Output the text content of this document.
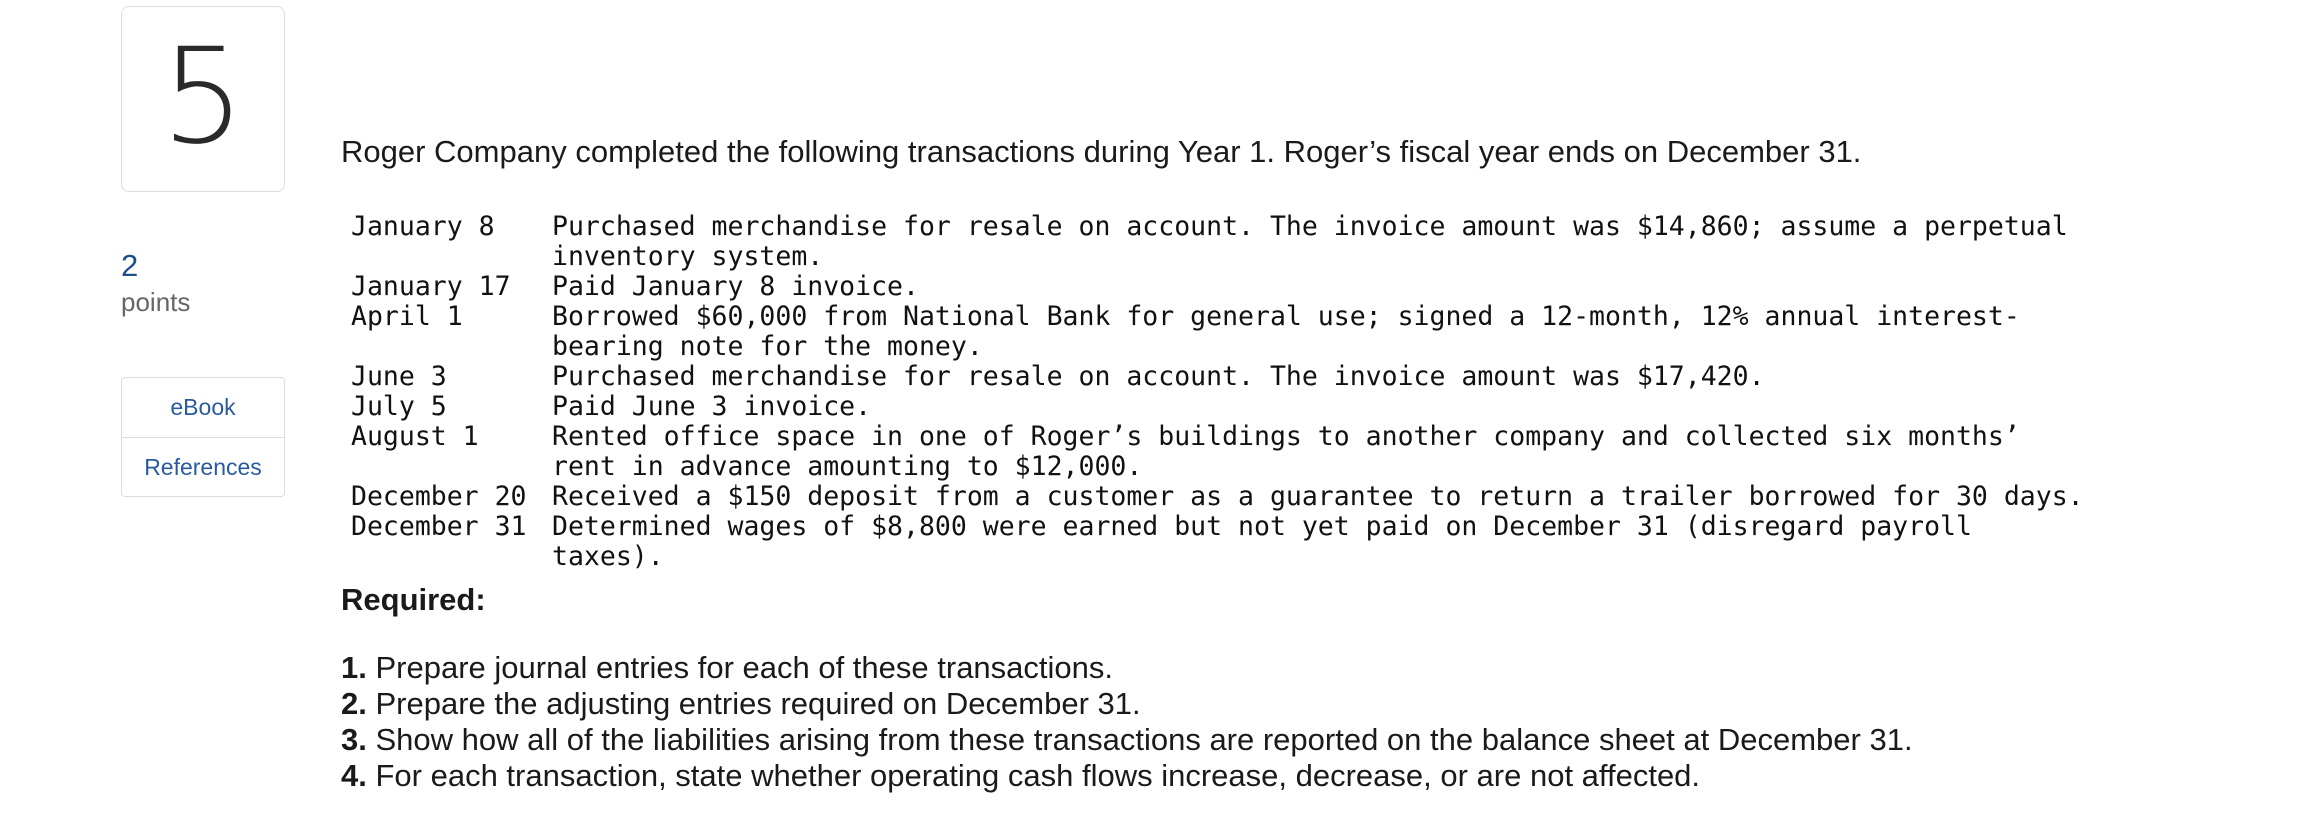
5
2
points
eBook
References
Roger Company completed the following transactions during Year 1. Roger’s fiscal year ends on December 31.
January 8	Purchased merchandise for resale on account. The invoice amount was $14,860; assume a perpetual inventory system.
January 17	Paid January 8 invoice.
April 1	Borrowed $60,000 from National Bank for general use; signed a 12-month, 12% annual interest-bearing note for the money.
June 3	Purchased merchandise for resale on account. The invoice amount was $17,420.
July 5	Paid June 3 invoice.
August 1	Rented office space in one of Roger’s buildings to another company and collected six months’ rent in advance amounting to $12,000.
December 20 Received a $150 deposit from a customer as a guarantee to return a trailer borrowed for 30 days.
December 31 Determined wages of $8,800 were earned but not yet paid on December 31 (disregard payroll taxes).
Required:
1. Prepare journal entries for each of these transactions.
2. Prepare the adjusting entries required on December 31.
3. Show how all of the liabilities arising from these transactions are reported on the balance sheet at December 31.
4. For each transaction, state whether operating cash flows increase, decrease, or are not affected.
